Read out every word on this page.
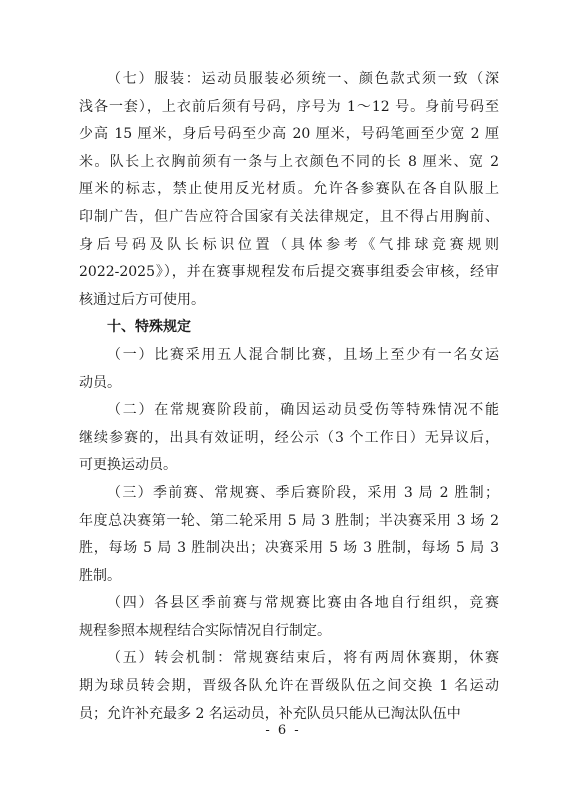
（七）服装：运动员服装必须统一、颜色款式须一致（深
浅各一套），上衣前后须有号码，序号为 1～12 号。身前号码至
少高 15 厘米，身后号码至少高 20 厘米，号码笔画至少宽 2 厘
米。队长上衣胸前须有一条与上衣颜色不同的长 8 厘米、宽 2
厘米的标志，禁止使用反光材质。允许各参赛队在各自队服上
印制广告，但广告应符合国家有关法律规定，且不得占用胸前、
身后号码及队长标识位置（具体参考《气排球竞赛规则
2022-2025》），并在赛事规程发布后提交赛事组委会审核，经审
核通过后方可使用。
十、特殊规定
（一）比赛采用五人混合制比赛，且场上至少有一名女运
动员。
（二）在常规赛阶段前，确因运动员受伤等特殊情况不能
继续参赛的，出具有效证明，经公示（3 个工作日）无异议后，
可更换运动员。
（三）季前赛、常规赛、季后赛阶段，采用 3 局 2 胜制；
年度总决赛第一轮、第二轮采用 5 局 3 胜制；半决赛采用 3 场 2
胜，每场 5 局 3 胜制决出；决赛采用 5 场 3 胜制，每场 5 局 3
胜制。
（四）各县区季前赛与常规赛比赛由各地自行组织，竞赛
规程参照本规程结合实际情况自行制定。
（五）转会机制：常规赛结束后，将有两周休赛期，休赛
期为球员转会期，晋级各队允许在晋级队伍之间交换 1 名运动
员；允许补充最多 2 名运动员，补充队员只能从已淘汰队伍中
- 6 -
